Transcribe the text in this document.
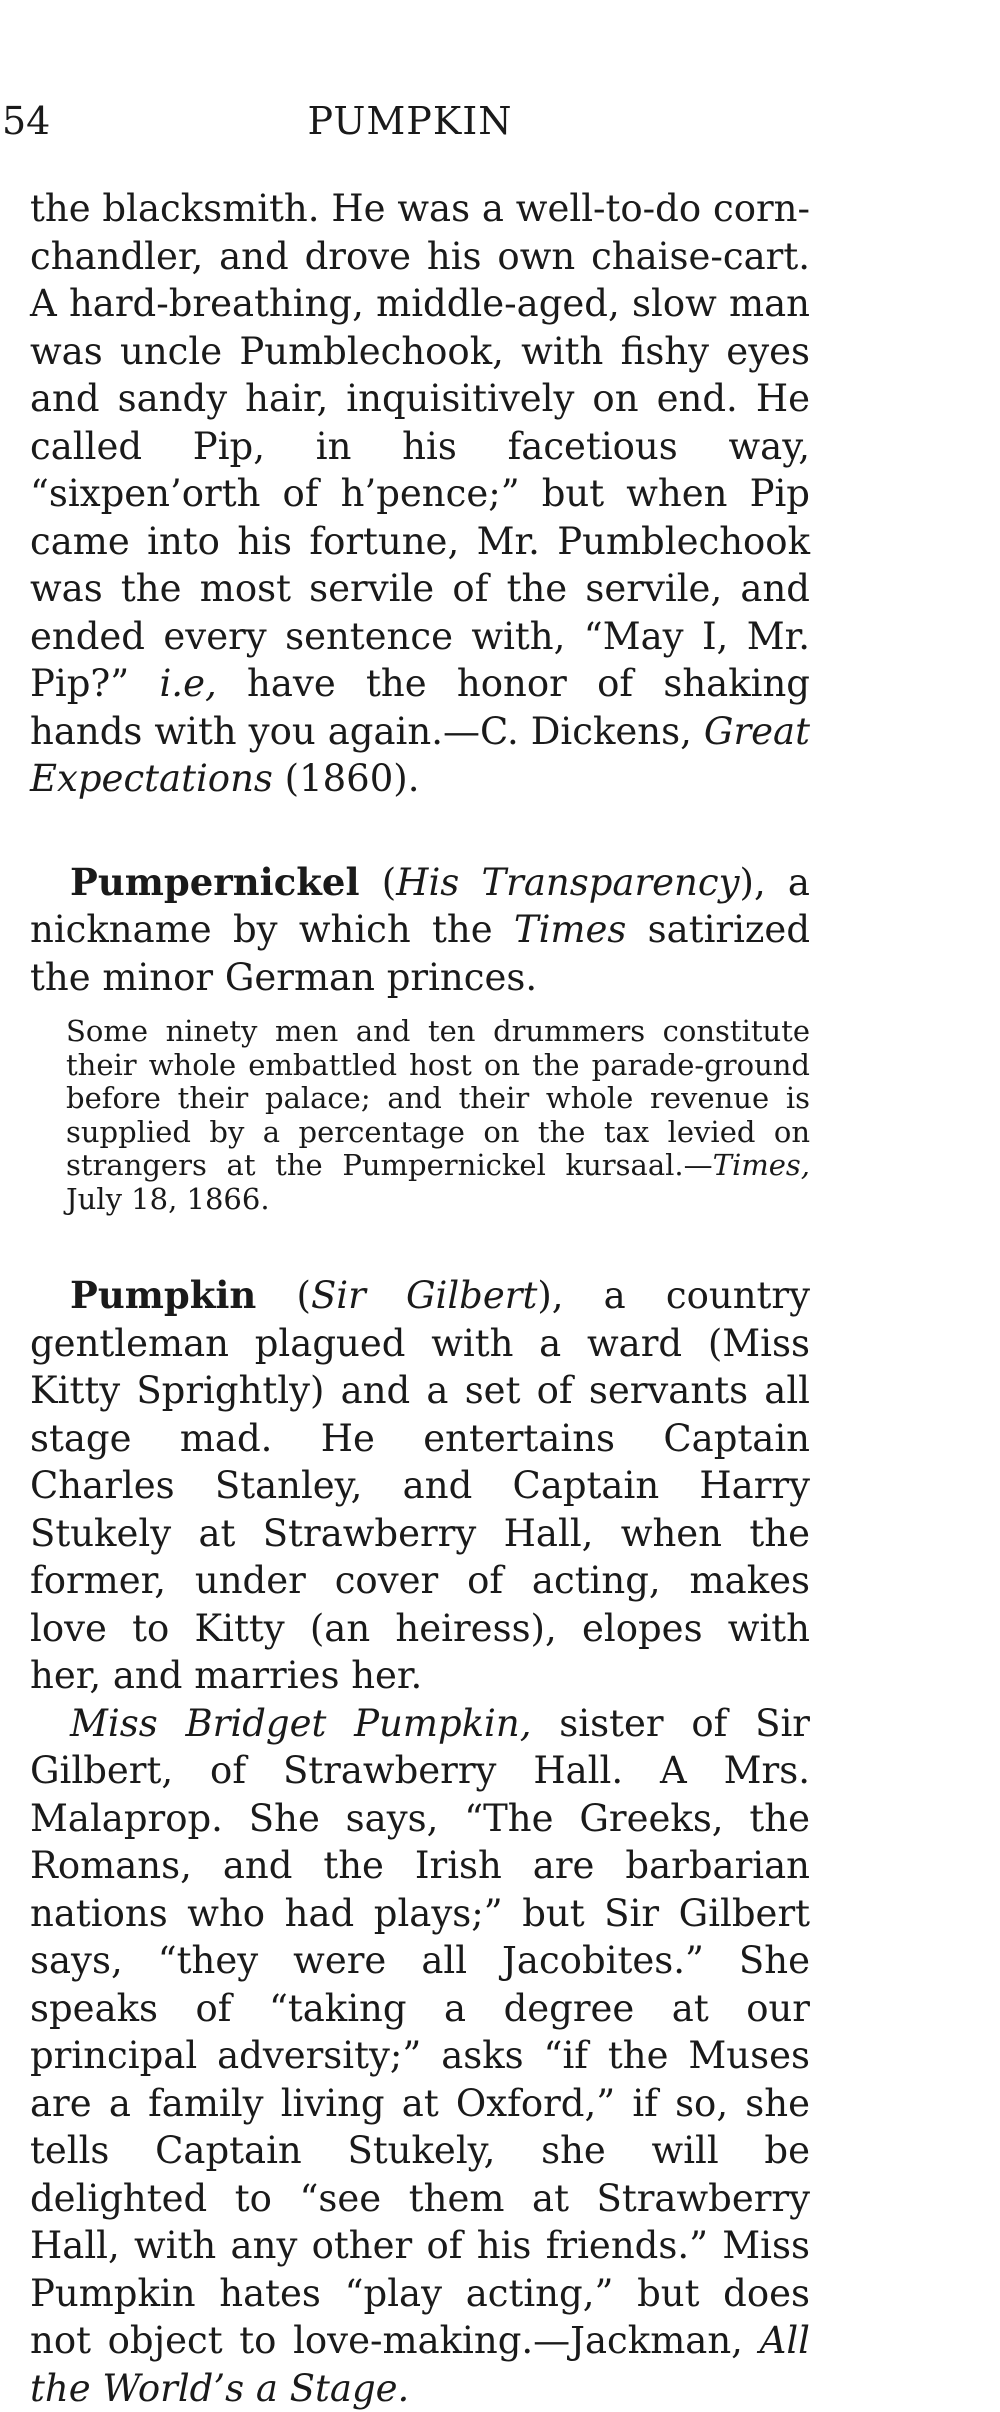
54	PUMPKIN

the blacksmith. He was a well-to-do corn-chandler, and drove his own chaise-cart. A hard-breathing, middle-aged, slow man was uncle Pumblechook, with fishy eyes and sandy hair, inquisitively on end. He called Pip, in his facetious way, “sixpen’orth of h’pence;” but when Pip came into his fortune, Mr. Pumblechook was the most servile of the servile, and ended every sentence with, “May I, Mr. Pip?” i.e, have the honor of shaking hands with you again.—C. Dickens, Great Expectations (1860).

Pumpernickel (His Transparency), a nickname by which the Times satirized the minor German princes.

Some ninety men and ten drummers constitute their whole embattled host on the parade-ground before their palace; and their whole revenue is supplied by a percentage on the tax levied on strangers at the Pumpernickel kursaal.—Times, July 18, 1866.

Pumpkin (Sir Gilbert), a country gentleman plagued with a ward (Miss Kitty Sprightly) and a set of servants all stage mad. He entertains Captain Charles Stanley, and Captain Harry Stukely at Strawberry Hall, when the former, under cover of acting, makes love to Kitty (an heiress), elopes with her, and marries her.

Miss Bridget Pumpkin, sister of Sir Gilbert, of Strawberry Hall. A Mrs. Malaprop. She says, “The Greeks, the Romans, and the Irish are barbarian nations who had plays;” but Sir Gilbert says, “they were all Jacobites.” She speaks of “taking a degree at our principal adversity;” asks “if the Muses are a family living at Oxford,” if so, she tells Captain Stukely, she will be delighted to “see them at Strawberry Hall, with any other of his friends.” Miss Pumpkin hates “play acting,” but does not object to love-making.—Jackman, All the World’s a Stage.
